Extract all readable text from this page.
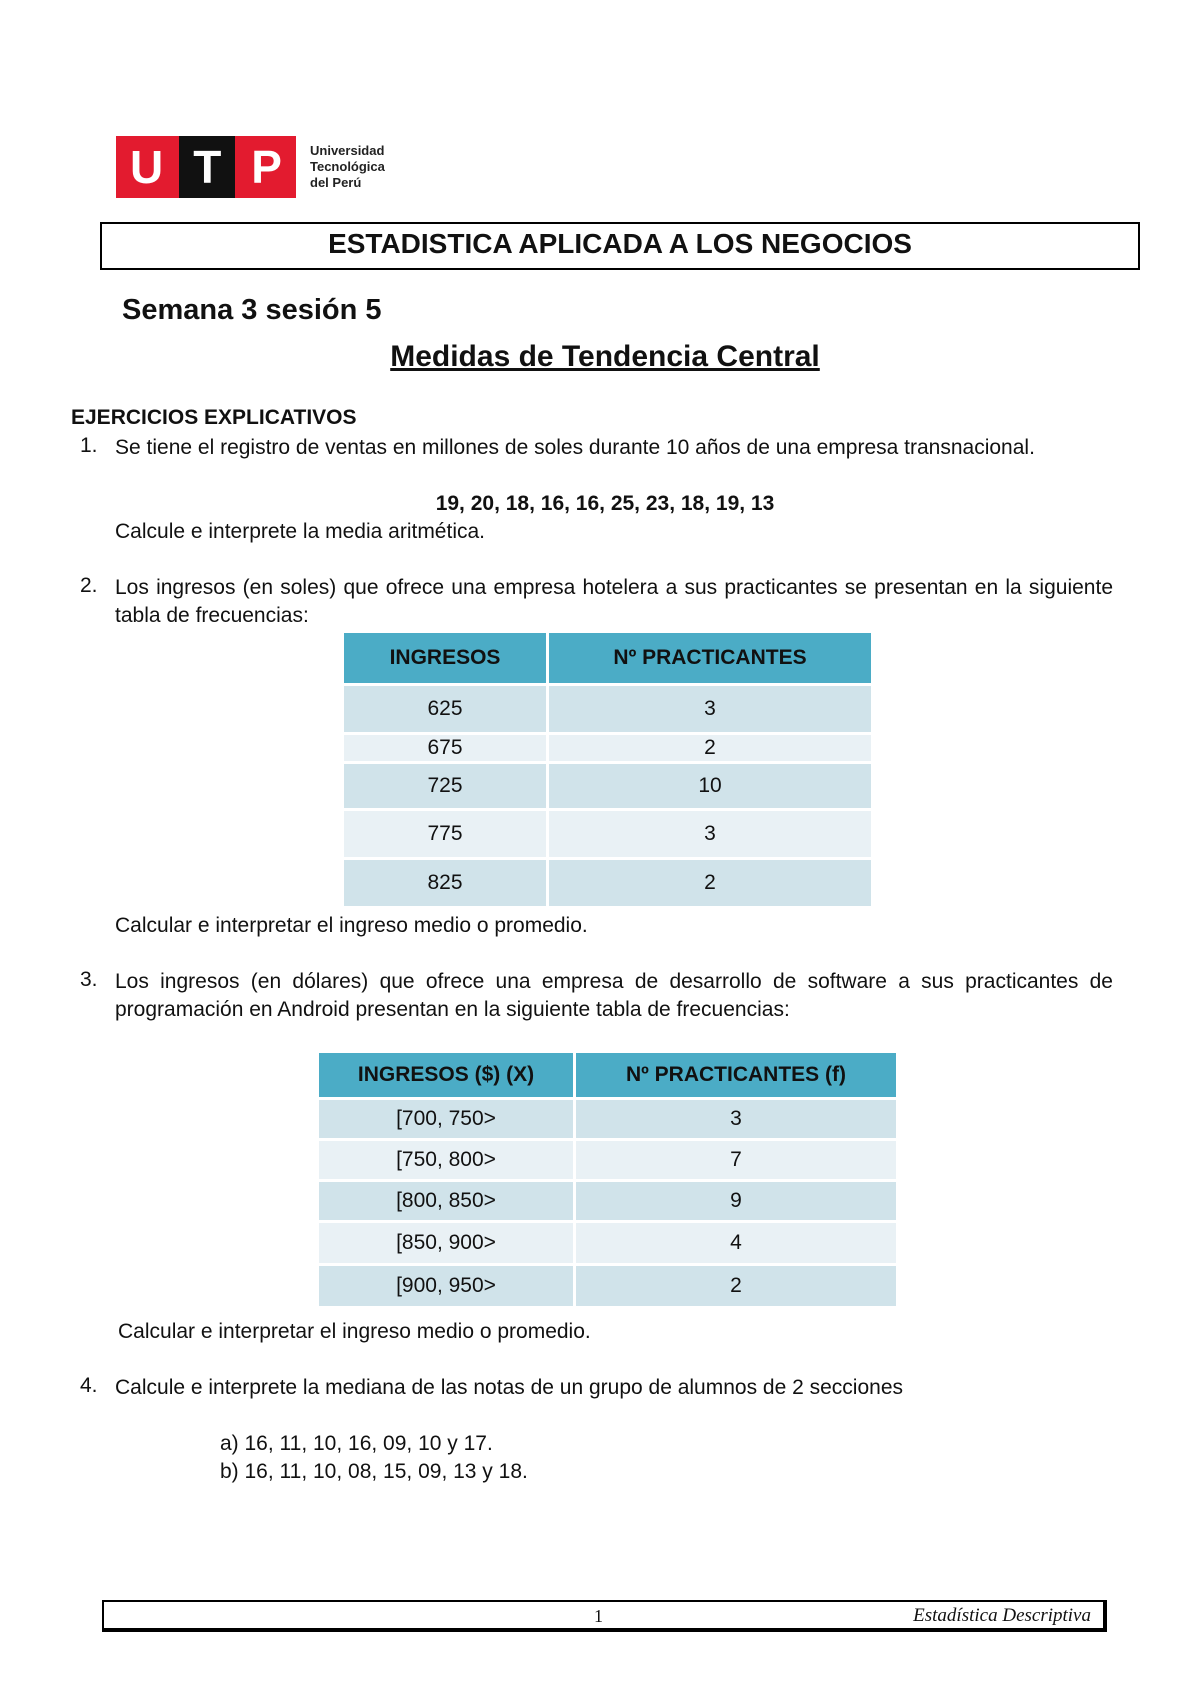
U T P Universidad
Tecnológica
del Perú
ESTADISTICA APLICADA A LOS NEGOCIOS
Semana 3 sesión 5
Medidas de Tendencia Central
EJERCICIOS EXPLICATIVOS
1. Se tiene el registro de ventas en millones de soles durante 10 años de una empresa transnacional.
19, 20, 18, 16, 16, 25, 23, 18, 19, 13
Calcule e interprete la media aritmética.
2. Los ingresos (en soles) que ofrece una empresa hotelera a sus practicantes se presentan en la siguiente tabla de frecuencias:
INGRESOS	Nº PRACTICANTES
625	3
675	2
725	10
775	3
825	2
Calcular e interpretar el ingreso medio o promedio.
3. Los ingresos (en dólares) que ofrece una empresa de desarrollo de software a sus practicantes de programación en Android presentan en la siguiente tabla de frecuencias:
INGRESOS ($) (X)	Nº PRACTICANTES (f)
[700, 750>	3
[750, 800>	7
[800, 850>	9
[850, 900>	4
[900, 950>	2
Calcular e interpretar el ingreso medio o promedio.
4. Calcule e interprete la mediana de las notas de un grupo de alumnos de 2 secciones
a) 16, 11, 10, 16, 09, 10 y 17.
b) 16, 11, 10, 08, 15, 09, 13 y 18.
1	Estadística Descriptiva
